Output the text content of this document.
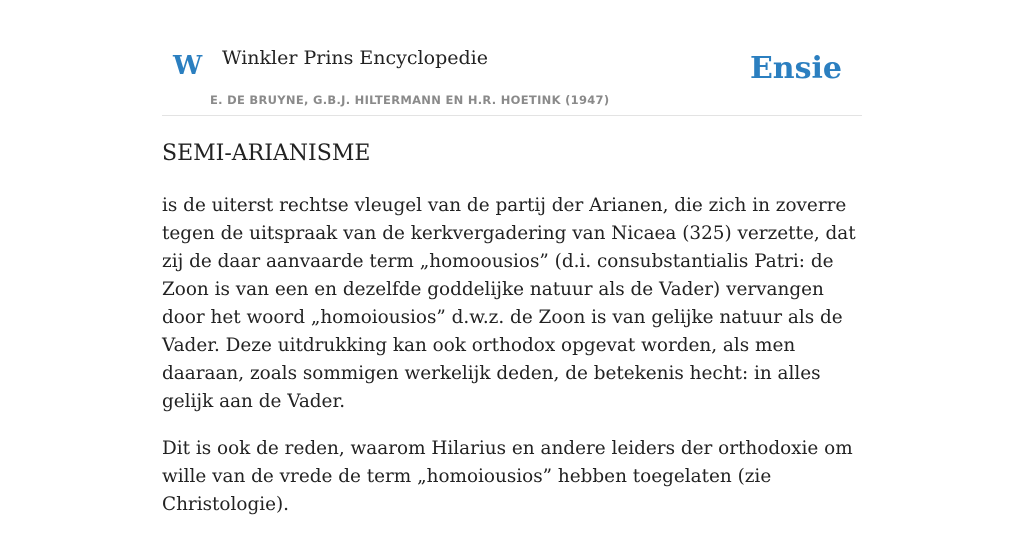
W Winkler Prins Encyclopedie
E. DE BRUYNE, G.B.J. HILTERMANN EN H.R. HOETINK (1947)
Ensie
SEMI-ARIANISME

is de uiterst rechtse vleugel van de partij der Arianen, die zich in zoverre tegen de uitspraak van de kerkvergadering van Nicaea (325) verzette, dat zij de daar aanvaarde term „homoousios” (d.i. consubstantialis Patri: de Zoon is van een en dezelfde goddelijke natuur als de Vader) vervangen door het woord „homoiousios” d.w.z. de Zoon is van gelijke natuur als de Vader. Deze uitdrukking kan ook orthodox opgevat worden, als men daaraan, zoals sommigen werkelijk deden, de betekenis hecht: in alles gelijk aan de Vader.

Dit is ook de reden, waarom Hilarius en andere leiders der orthodoxie om wille van de vrede de term „homoiousios” hebben toegelaten (zie Christologie).
